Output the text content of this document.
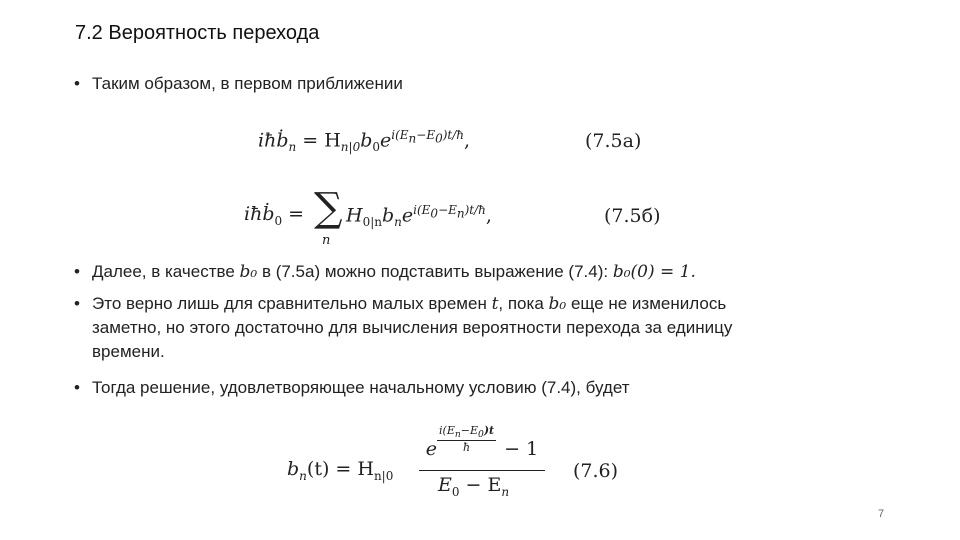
7.2 Вероятность перехода
• Таким образом, в первом приближении
iħḃ$_n$ = $H_{n|0}b_0e^{i(E_n-E_0)t/ħ}$,	(7.5а)
iħḃ$_0$ = ∑
n
$H_{0|n}b_ne^{i(E_0-E_n)t/ħ}$,	(7.5б)
• Далее, в качестве b₀ в (7.5а) можно подставить выражение (7.4): b₀(0) = 1.
• Это верно лишь для сравнительно малых времен t, пока b₀ еще не изменилось заметно, но этого достаточно для вычисления вероятности перехода за единицу времени.
• Тогда решение, удовлетворяющее начальному условию (7.4), будет
$b_n(t) = H_{n|0}$
e $\frac{i(E_n-E_0)t}{ħ} - 1$
$E_0 - E_n$
(7.6)
7
